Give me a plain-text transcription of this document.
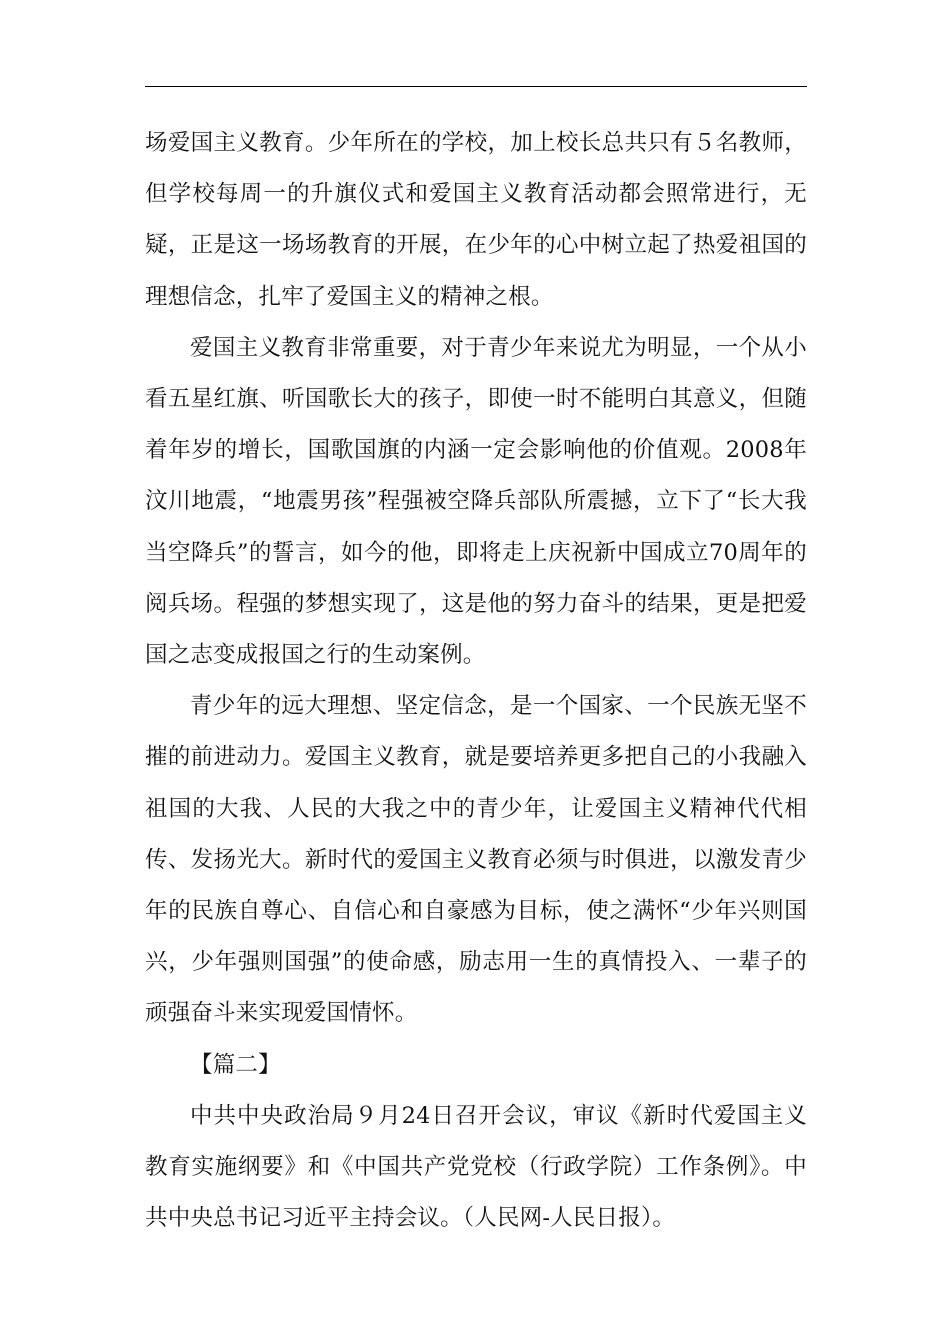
场爱国主义教育。少年所在的学校，加上校长总共只有５名教师，但学校每周一的升旗仪式和爱国主义教育活动都会照常进行，无疑，正是这一场场教育的开展，在少年的心中树立起了热爱祖国的理想信念，扎牢了爱国主义的精神之根。

爱国主义教育非常重要，对于青少年来说尤为明显，一个从小看五星红旗、听国歌长大的孩子，即使一时不能明白其意义，但随着年岁的增长，国歌国旗的内涵一定会影响他的价值观。2008年汶川地震，“地震男孩”程强被空降兵部队所震撼，立下了“长大我当空降兵”的誓言，如今的他，即将走上庆祝新中国成立70周年的阅兵场。程强的梦想实现了，这是他的努力奋斗的结果，更是把爱国之志变成报国之行的生动案例。

青少年的远大理想、坚定信念，是一个国家、一个民族无坚不摧的前进动力。爱国主义教育，就是要培养更多把自己的小我融入祖国的大我、人民的大我之中的青少年，让爱国主义精神代代相传、发扬光大。新时代的爱国主义教育必须与时俱进，以激发青少年的民族自尊心、自信心和自豪感为目标，使之满怀“少年兴则国兴，少年强则国强”的使命感，励志用一生的真情投入、一辈子的顽强奋斗来实现爱国情怀。

【篇二】

中共中央政治局９月24日召开会议，审议《新时代爱国主义教育实施纲要》和《中国共产党党校（行政学院）工作条例》。中共中央总书记习近平主持会议。（人民网-人民日报）。
